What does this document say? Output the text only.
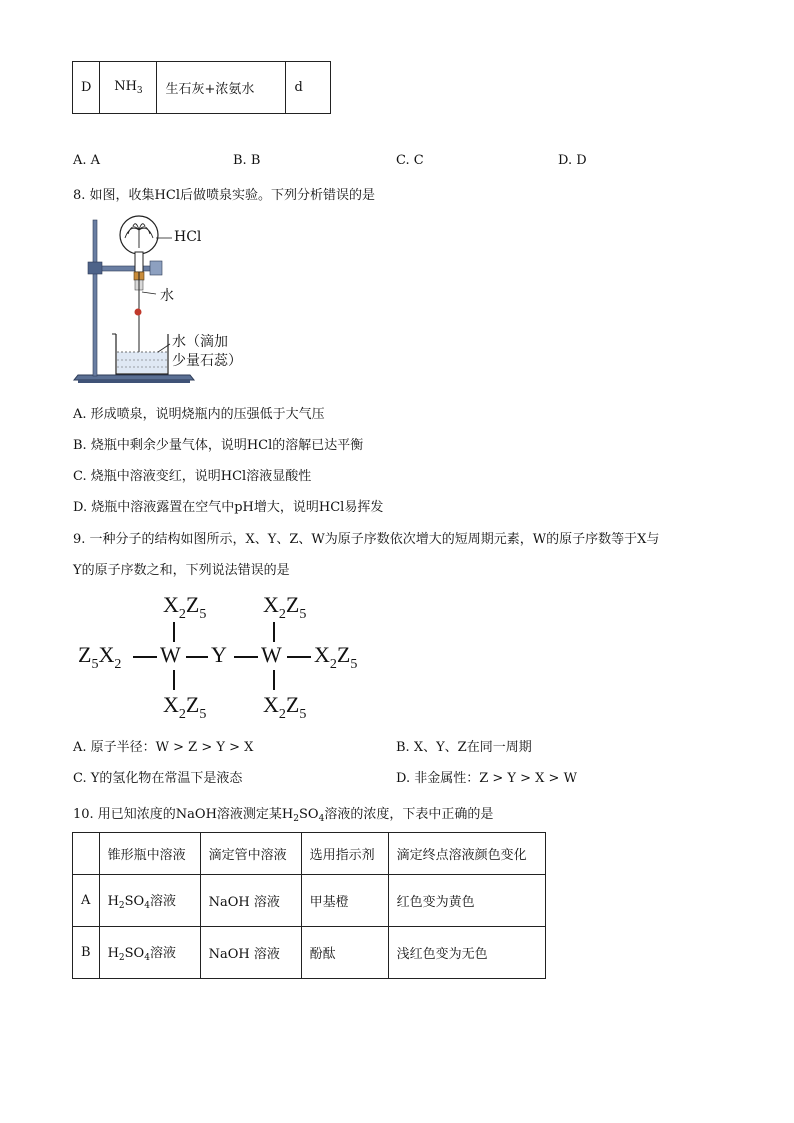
D	$NH_3$	生石灰+浓氨水	d
A. A	B. B	C. C	D. D
8. 如图，收集HCl后做喷泉实验。下列分析错误的是
HCl
水
水（滴加
少量石蕊）
A. 形成喷泉，说明烧瓶内的压强低于大气压
B. 烧瓶中剩余少量气体，说明HCl的溶解已达平衡
C. 烧瓶中溶液变红，说明HCl溶液显酸性
D. 烧瓶中溶液露置在空气中pH增大，说明HCl易挥发
9. 一种分子的结构如图所示，X、Y、Z、W为原子序数依次增大的短周期元素，W的原子序数等于X与
Y的原子序数之和，下列说法错误的是
$X_2Z_5$	$X_2Z_5$
$Z_5X_2$ W Y W $X_2Z_5$
$X_2Z_5$	$X_2Z_5$
A. 原子半径：W > Z > Y > X	B. X、Y、Z在同一周期
C. Y的氢化物在常温下是液态	D. 非金属性：Z > Y > X > W
10. 用已知浓度的NaOH溶液测定某$H_2SO_4$溶液的浓度，下表中正确的是
	锥形瓶中溶液	滴定管中溶液	选用指示剂	滴定终点溶液颜色变化
A	$H_2SO_4$溶液	NaOH 溶液	甲基橙	红色变为黄色
B	$H_2SO_4$溶液	NaOH 溶液	酚酞	浅红色变为无色
